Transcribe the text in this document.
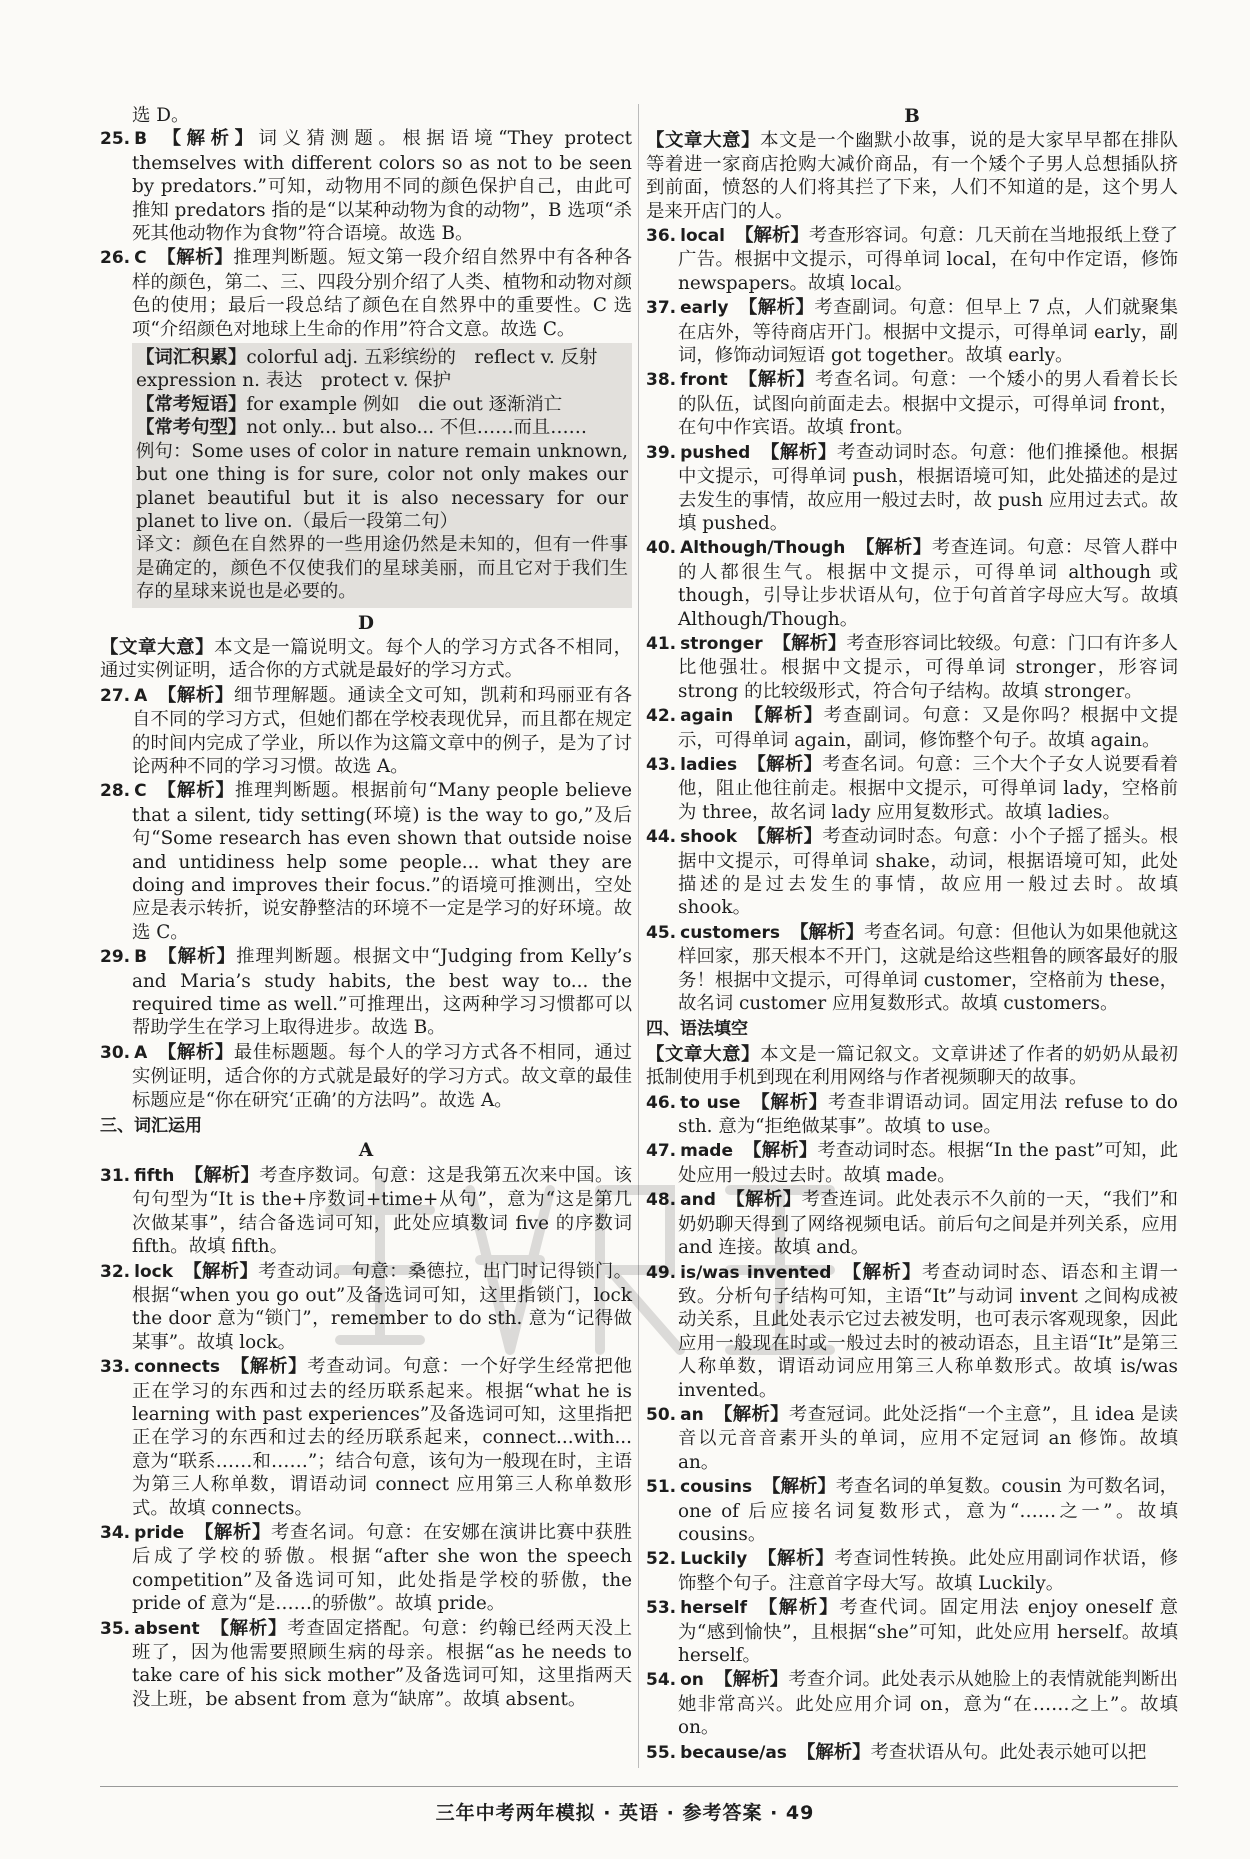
选 D。
25. B 【解析】词义猜测题。根据语境“They protect themselves with different colors so as not to be seen by predators.”可知，动物用不同的颜色保护自己，由此可推知 predators 指的是“以某种动物为食的动物”，B 选项“杀死其他动物作为食物”符合语境。故选 B。
26. C 【解析】推理判断题。短文第一段介绍自然界中有各种各样的颜色，第二、三、四段分别介绍了人类、植物和动物对颜色的使用；最后一段总结了颜色在自然界中的重要性。C 选项“介绍颜色对地球上生命的作用”符合文意。故选 C。
【词汇积累】colorful adj. 五彩缤纷的　reflect v. 反射
expression n. 表达　protect v. 保护
【常考短语】for example 例如　die out 逐渐消亡
【常考句型】not only... but also... 不但……而且……
例句：Some uses of color in nature remain unknown, but one thing is for sure, color not only makes our planet beautiful but it is also necessary for our planet to live on.（最后一段第二句）
译文：颜色在自然界的一些用途仍然是未知的，但有一件事是确定的，颜色不仅使我们的星球美丽，而且它对于我们生存的星球来说也是必要的。
D
【文章大意】本文是一篇说明文。每个人的学习方式各不相同，通过实例证明，适合你的方式就是最好的学习方式。
27. A 【解析】细节理解题。通读全文可知，凯莉和玛丽亚有各自不同的学习方式，但她们都在学校表现优异，而且都在规定的时间内完成了学业，所以作为这篇文章中的例子，是为了讨论两种不同的学习习惯。故选 A。
28. C 【解析】推理判断题。根据前句“Many people believe that a silent, tidy setting(环境) is the way to go,”及后句“Some research has even shown that outside noise and untidiness help some people... what they are doing and improves their focus.”的语境可推测出，空处应是表示转折，说安静整洁的环境不一定是学习的好环境。故选 C。
29. B 【解析】推理判断题。根据文中“Judging from Kelly’s and Maria’s study habits, the best way to... the required time as well.”可推理出，这两种学习习惯都可以帮助学生在学习上取得进步。故选 B。
30. A 【解析】最佳标题题。每个人的学习方式各不相同，通过实例证明，适合你的方式就是最好的学习方式。故文章的最佳标题应是“你在研究‘正确’的方法吗”。故选 A。
三、词汇运用
A
31. fifth 【解析】考查序数词。句意：这是我第五次来中国。该句句型为“It is the+序数词+time+从句”，意为“这是第几次做某事”，结合备选词可知，此处应填数词 five 的序数词 fifth。故填 fifth。
32. lock 【解析】考查动词。句意：桑德拉，出门时记得锁门。根据“when you go out”及备选词可知，这里指锁门，lock the door 意为“锁门”，remember to do sth. 意为“记得做某事”。故填 lock。
33. connects 【解析】考查动词。句意：一个好学生经常把他正在学习的东西和过去的经历联系起来。根据“what he is learning with past experiences”及备选词可知，这里指把正在学习的东西和过去的经历联系起来，connect...with... 意为“联系……和……”；结合句意，该句为一般现在时，主语为第三人称单数，谓语动词 connect 应用第三人称单数形式。故填 connects。
34. pride 【解析】考查名词。句意：在安娜在演讲比赛中获胜后成了学校的骄傲。根据“after she won the speech competition”及备选词可知，此处指是学校的骄傲，the pride of 意为“是……的骄傲”。故填 pride。
35. absent 【解析】考查固定搭配。句意：约翰已经两天没上班了，因为他需要照顾生病的母亲。根据“as he needs to take care of his sick mother”及备选词可知，这里指两天没上班，be absent from 意为“缺席”。故填 absent。
B
【文章大意】本文是一个幽默小故事，说的是大家早早都在排队等着进一家商店抢购大减价商品，有一个矮个子男人总想插队挤到前面，愤怒的人们将其拦了下来，人们不知道的是，这个男人是来开店门的人。
36. local 【解析】考查形容词。句意：几天前在当地报纸上登了广告。根据中文提示，可得单词 local，在句中作定语，修饰 newspapers。故填 local。
37. early 【解析】考查副词。句意：但早上 7 点，人们就聚集在店外，等待商店开门。根据中文提示，可得单词 early，副词，修饰动词短语 got together。故填 early。
38. front 【解析】考查名词。句意：一个矮小的男人看着长长的队伍，试图向前面走去。根据中文提示，可得单词 front，在句中作宾语。故填 front。
39. pushed 【解析】考查动词时态。句意：他们推搡他。根据中文提示，可得单词 push，根据语境可知，此处描述的是过去发生的事情，故应用一般过去时，故 push 应用过去式。故填 pushed。
40. Although/Though 【解析】考查连词。句意：尽管人群中的人都很生气。根据中文提示，可得单词 although 或 though，引导让步状语从句，位于句首首字母应大写。故填 Although/Though。
41. stronger 【解析】考查形容词比较级。句意：门口有许多人比他强壮。根据中文提示，可得单词 stronger，形容词 strong 的比较级形式，符合句子结构。故填 stronger。
42. again 【解析】考查副词。句意：又是你吗？根据中文提示，可得单词 again，副词，修饰整个句子。故填 again。
43. ladies 【解析】考查名词。句意：三个大个子女人说要看着他，阻止他往前走。根据中文提示，可得单词 lady，空格前为 three，故名词 lady 应用复数形式。故填 ladies。
44. shook 【解析】考查动词时态。句意：小个子摇了摇头。根据中文提示，可得单词 shake，动词，根据语境可知，此处描述的是过去发生的事情，故应用一般过去时。故填 shook。
45. customers 【解析】考查名词。句意：但他认为如果他就这样回家，那天根本不开门，这就是给这些粗鲁的顾客最好的服务！根据中文提示，可得单词 customer，空格前为 these，故名词 customer 应用复数形式。故填 customers。
四、语法填空
【文章大意】本文是一篇记叙文。文章讲述了作者的奶奶从最初抵制使用手机到现在利用网络与作者视频聊天的故事。
46. to use 【解析】考查非谓语动词。固定用法 refuse to do sth. 意为“拒绝做某事”。故填 to use。
47. made 【解析】考查动词时态。根据“In the past”可知，此处应用一般过去时。故填 made。
48. and 【解析】考查连词。此处表示不久前的一天，“我们”和奶奶聊天得到了网络视频电话。前后句之间是并列关系，应用 and 连接。故填 and。
49. is/was invented 【解析】考查动词时态、语态和主谓一致。分析句子结构可知，主语“It”与动词 invent 之间构成被动关系，且此处表示它过去被发明，也可表示客观现象，因此应用一般现在时或一般过去时的被动语态，且主语“It”是第三人称单数，谓语动词应用第三人称单数形式。故填 is/was invented。
50. an 【解析】考查冠词。此处泛指“一个主意”，且 idea 是读音以元音音素开头的单词，应用不定冠词 an 修饰。故填 an。
51. cousins 【解析】考查名词的单复数。cousin 为可数名词，one of 后应接名词复数形式，意为“……之一”。故填 cousins。
52. Luckily 【解析】考查词性转换。此处应用副词作状语，修饰整个句子。注意首字母大写。故填 Luckily。
53. herself 【解析】考查代词。固定用法 enjoy oneself 意为“感到愉快”，且根据“she”可知，此处应用 herself。故填 herself。
54. on 【解析】考查介词。此处表示从她脸上的表情就能判断出她非常高兴。此处应用介词 on，意为“在……之上”。故填 on。
55. because/as 【解析】考查状语从句。此处表示她可以把
三年中考两年模拟 · 英语 · 参考答案 · 49
